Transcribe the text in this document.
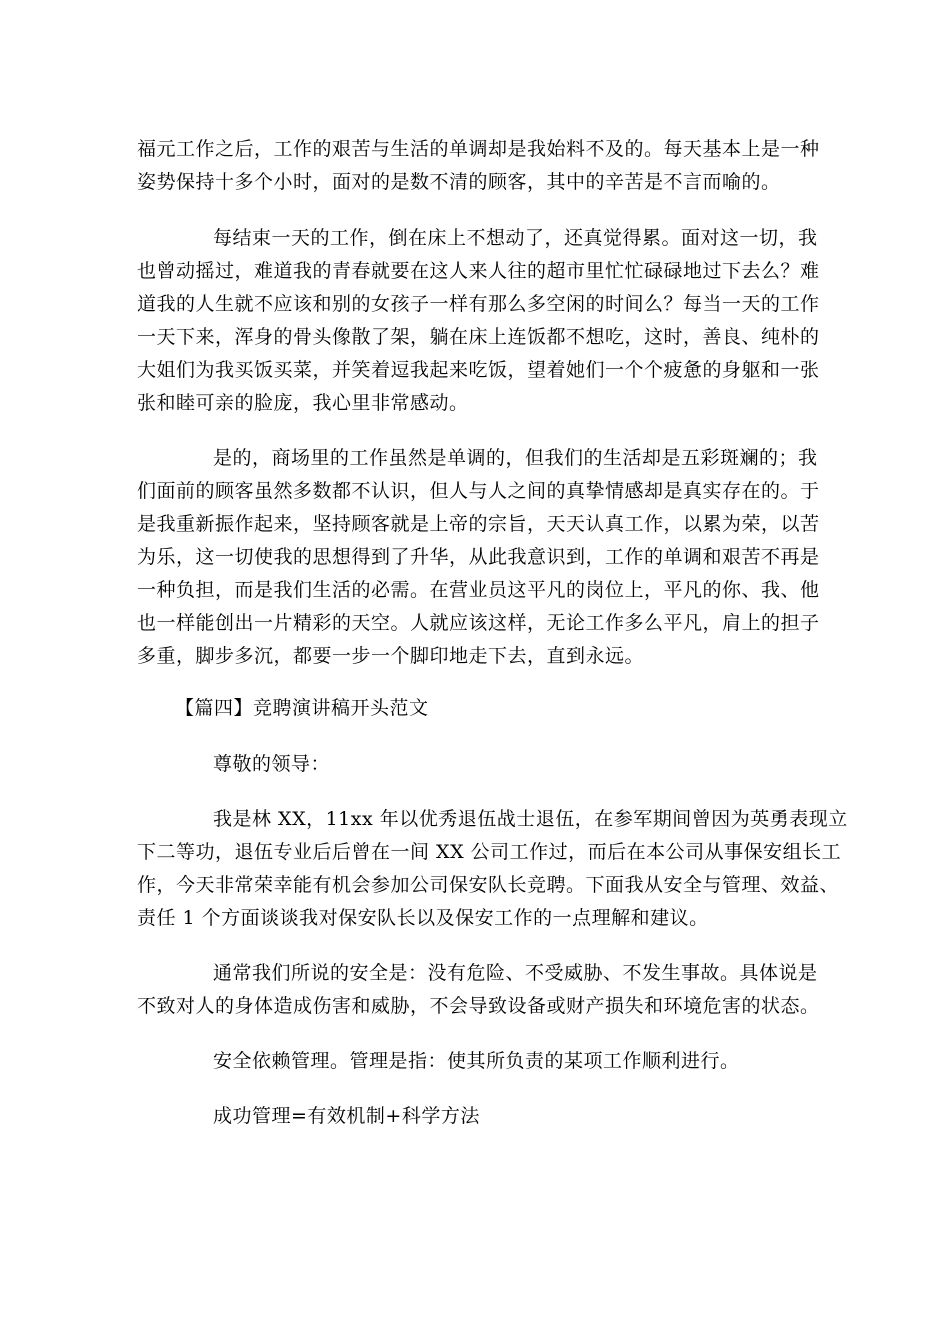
福元工作之后，工作的艰苦与生活的单调却是我始料不及的。每天基本上是一种
姿势保持十多个小时，面对的是数不清的顾客，其中的辛苦是不言而喻的。
每结束一天的工作，倒在床上不想动了，还真觉得累。面对这一切，我
也曾动摇过，难道我的青春就要在这人来人往的超市里忙忙碌碌地过下去么？难
道我的人生就不应该和别的女孩子一样有那么多空闲的时间么？每当一天的工作
一天下来，浑身的骨头像散了架，躺在床上连饭都不想吃，这时，善良、纯朴的
大姐们为我买饭买菜，并笑着逗我起来吃饭，望着她们一个个疲惫的身躯和一张
张和睦可亲的脸庞，我心里非常感动。
是的，商场里的工作虽然是单调的，但我们的生活却是五彩斑斓的；我
们面前的顾客虽然多数都不认识，但人与人之间的真挚情感却是真实存在的。于
是我重新振作起来，坚持顾客就是上帝的宗旨，天天认真工作，以累为荣，以苦
为乐，这一切使我的思想得到了升华，从此我意识到，工作的单调和艰苦不再是
一种负担，而是我们生活的必需。在营业员这平凡的岗位上，平凡的你、我、他
也一样能创出一片精彩的天空。人就应该这样，无论工作多么平凡，肩上的担子
多重，脚步多沉，都要一步一个脚印地走下去，直到永远。
【篇四】竞聘演讲稿开头范文
尊敬的领导：
我是林 XX，11xx 年以优秀退伍战士退伍，在参军期间曾因为英勇表现立
下二等功，退伍专业后后曾在一间 XX 公司工作过，而后在本公司从事保安组长工
作，今天非常荣幸能有机会参加公司保安队长竞聘。下面我从安全与管理、效益、
责任 1 个方面谈谈我对保安队长以及保安工作的一点理解和建议。
通常我们所说的安全是：没有危险、不受威胁、不发生事故。具体说是
不致对人的身体造成伤害和威胁，不会导致设备或财产损失和环境危害的状态。
安全依赖管理。管理是指：使其所负责的某项工作顺利进行。
成功管理=有效机制+科学方法
